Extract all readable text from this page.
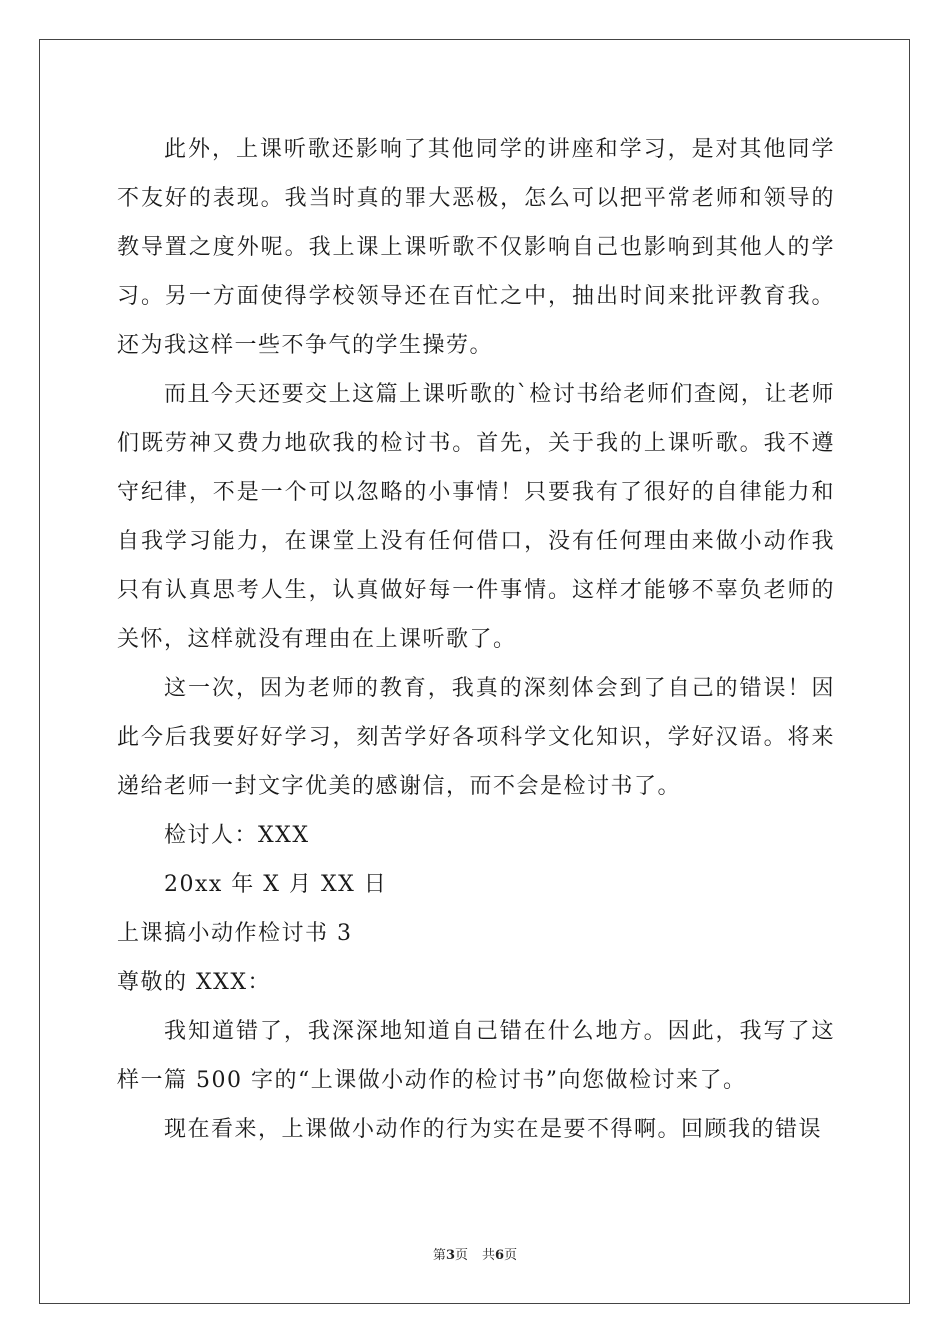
此外，上课听歌还影响了其他同学的讲座和学习，是对其他同学不友好的表现。我当时真的罪大恶极，怎么可以把平常老师和领导的教导置之度外呢。我上课上课听歌不仅影响自己也影响到其他人的学习。另一方面使得学校领导还在百忙之中，抽出时间来批评教育我。还为我这样一些不争气的学生操劳。

而且今天还要交上这篇上课听歌的`检讨书给老师们查阅，让老师们既劳神又费力地砍我的检讨书。首先，关于我的上课听歌。我不遵守纪律，不是一个可以忽略的小事情！只要我有了很好的自律能力和自我学习能力，在课堂上没有任何借口，没有任何理由来做小动作我只有认真思考人生，认真做好每一件事情。这样才能够不辜负老师的关怀，这样就没有理由在上课听歌了。

这一次，因为老师的教育，我真的深刻体会到了自己的错误！因此今后我要好好学习，刻苦学好各项科学文化知识，学好汉语。将来递给老师一封文字优美的感谢信，而不会是检讨书了。

检讨人：XXX

20xx 年 X 月 XX 日

上课搞小动作检讨书 3

尊敬的 XXX：

我知道错了，我深深地知道自己错在什么地方。因此，我写了这样一篇 500 字的“上课做小动作的检讨书”向您做检讨来了。

现在看来，上课做小动作的行为实在是要不得啊。回顾我的错误

第3页 共6页
